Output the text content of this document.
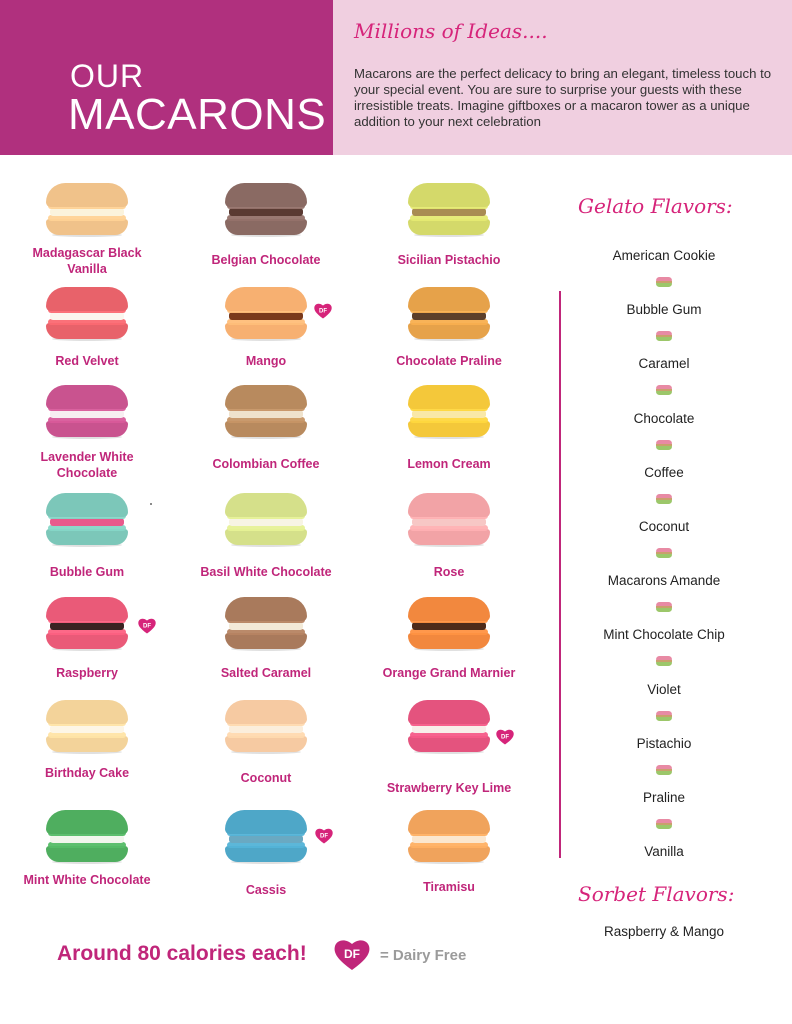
OUR
MACARONS
Millions of Ideas....
Macarons are the perfect delicacy to bring an elegant, timeless touch to your special event. You are sure to surprise your guests with these irresistible treats. Imagine giftboxes or a macaron tower as a unique addition to your next celebration
Madagascar Black Vanilla
Belgian Chocolate	Sicilian Pistachio
Red Velvet	Mango	Chocolate Praline
Lavender White Chocolate
Colombian Coffee	Lemon Cream
Bubble Gum	Basil White Chocolate	Rose
Raspberry	Salted Caramel	Orange Grand Marnier
Birthday Cake	Coconut
Strawberry Key Lime
Mint White Chocolate
Cassis	Tiramisu
Gelato Flavors:
American Cookie
Bubble Gum
Caramel
Chocolate
Coffee
Coconut
Macarons Amande
Mint Chocolate Chip
Violet
Pistachio
Praline
Vanilla
Sorbet Flavors:
Raspberry & Mango
Around 80 calories each!	DF = Dairy Free
DF
DF
DF
DF
